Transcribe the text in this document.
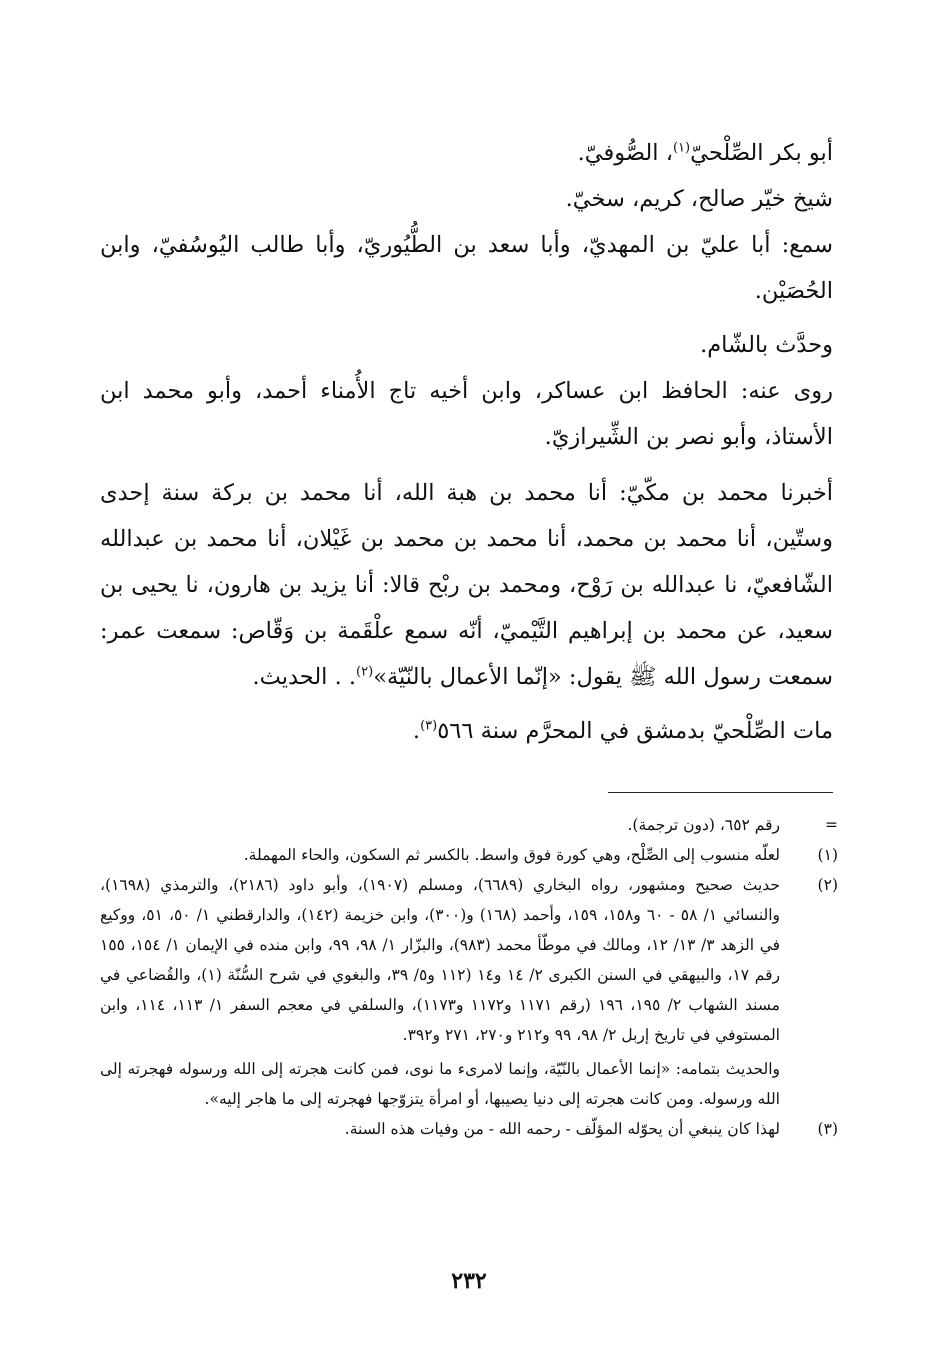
أبو بكر الصِّلْحيّ$^{(١)}$، الصُّوفيّ.

شيخ خيّر صالح، كريم، سخيّ.

سمع: أبا عليّ بن المهديّ، وأبا سعد بن الطُّيُوريّ، وأبا طالب اليُوسُفيّ، وابن الحُصَيْن.

وحدَّث بالشّام.

روى عنه: الحافظ ابن عساكر، وابن أخيه تاج الأُمناء أحمد، وأبو محمد ابن الأستاذ، وأبو نصر بن الشِّيرازيّ.

أخبرنا محمد بن مكّيّ: أنا محمد بن هبة الله، أنا محمد بن بركة سنة إحدى وستّين، أنا محمد بن محمد، أنا محمد بن محمد بن غَيْلان، أنا محمد بن عبدالله الشّافعيّ، نا عبدالله بن رَوْح، ومحمد بن ربْح قالا: أنا يزيد بن هارون، نا يحيى بن سعيد، عن محمد بن إبراهيم التَّيْميّ، أنّه سمع علْقَمة بن وَقّاص: سمعت عمر: سمعت رسول الله ﷺ يقول: «إنّما الأعمال بالنّيّة»$^{(٢)}$. . الحديث.

مات الصِّلْحيّ بدمشق في المحرَّم سنة ٥٦٦$^{(٣)}$.

=

رقم ٦٥٢، (دون ترجمة).

(١)

لعلّه منسوب إلى الصِّلْح، وهي كورة فوق واسط. بالكسر ثم السكون، والحاء المهملة.

(٢)

حديث صحيح ومشهور، رواه البخاري (٦٦٨٩)، ومسلم (١٩٠٧)، وأبو داود (٢١٨٦)، والترمذي (١٦٩٨)، والنسائي ١/ ٥٨ - ٦٠ و١٥٨، ١٥٩، وأحمد (١٦٨) و(٣٠٠)، وابن خزيمة (١٤٢)، والدارقطني ١/ ٥٠، ٥١، ووكيع في الزهد ٣/ ١٣/ ١٢، ومالك في موطّأ محمد (٩٨٣)، والبزّار ١/ ٩٨، ٩٩، وابن منده في الإيمان ١/ ١٥٤، ١٥٥ رقم ١٧، والبيهقي في السنن الكبرى ٢/ ١٤ و١٤ (١١٢ و٥/ ٣٩، والبغوي في شرح السُّنّة (١)، والقُضاعي في مسند الشهاب ٢/ ١٩٥، ١٩٦ (رقم ١١٧١ و١١٧٢ و١١٧٣)، والسلفي في معجم السفر ١/ ١١٣، ١١٤، وابن المستوفي في تاريخ إربل ٢/ ٩٨، ٩٩ و٢١٢ و٢٧٠، ٢٧١ و٣٩٢.

والحديث بتمامه: «إنما الأعمال بالنّيّة، وإنما لامرىء ما نوى، فمن كانت هجرته إلى الله ورسوله فهجرته إلى الله ورسوله. ومن كانت هجرته إلى دنيا يصيبها، أو امرأة يتزوّجها فهجرته إلى ما هاجر إليه».

(٣)

لهذا كان ينبغي أن يحوّله المؤلّف - رحمه الله - من وفيات هذه السنة.

٢٣٢
